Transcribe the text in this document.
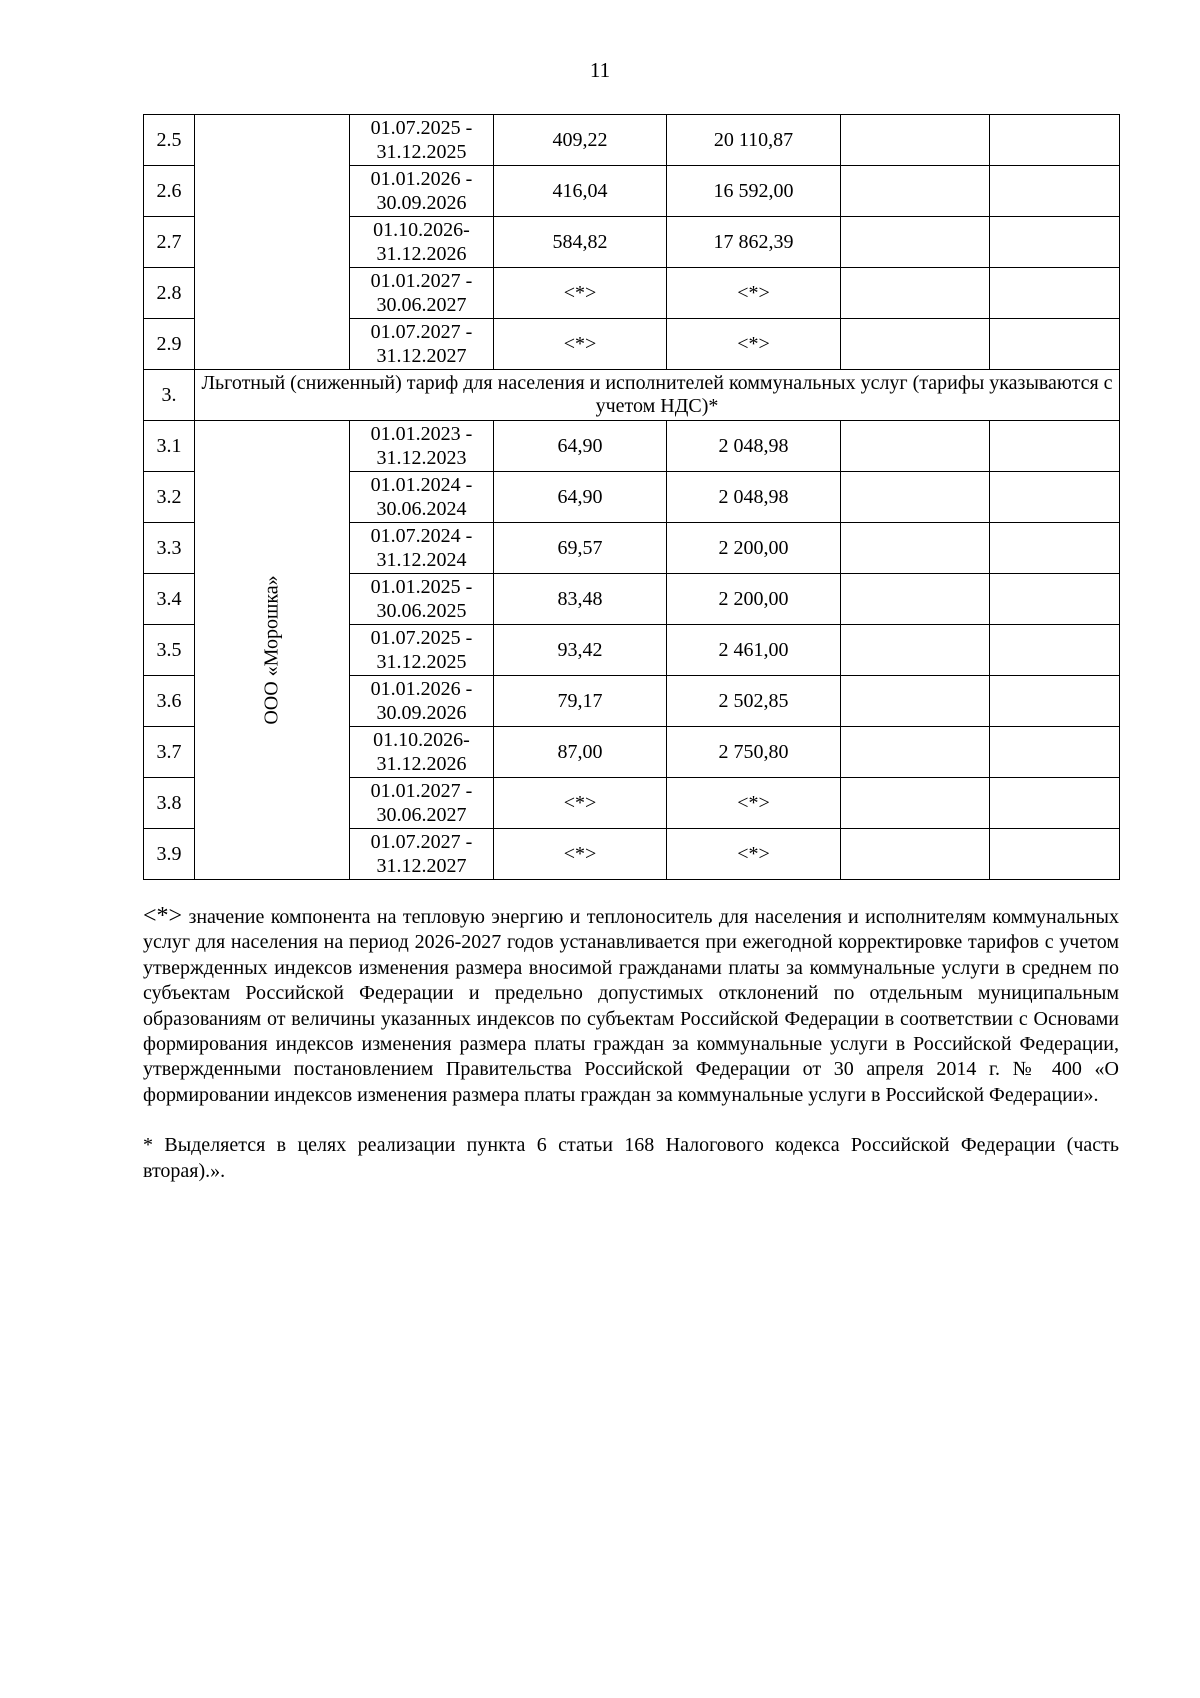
11
2.5		01.07.2025 -
31.12.2025	409,22	20 110,87		
2.6		01.01.2026 -
30.09.2026	416,04	16 592,00		
2.7		01.10.2026-
31.12.2026	584,82	17 862,39		
2.8		01.01.2027 -
30.06.2027	<*>	<*>		
2.9		01.07.2027 -
31.12.2027	<*>	<*>		
3.	Льготный (сниженный) тариф для населения и исполнителей коммунальных услуг (тарифы указываются с учетом НДС)*					
3.1	ООО «Морошка»	01.01.2023 -
31.12.2023	64,90	2 048,98		
3.2		01.01.2024 -
30.06.2024	64,90	2 048,98		
3.3		01.07.2024 -
31.12.2024	69,57	2 200,00		
3.4		01.01.2025 -
30.06.2025	83,48	2 200,00		
3.5		01.07.2025 -
31.12.2025	93,42	2 461,00		
3.6		01.01.2026 -
30.09.2026	79,17	2 502,85		
3.7		01.10.2026-
31.12.2026	87,00	2 750,80		
3.8		01.01.2027 -
30.06.2027	<*>	<*>		
3.9		01.07.2027 -
31.12.2027	<*>	<*>		

<*> значение компонента на тепловую энергию и теплоноситель для населения и исполнителям коммунальных услуг для населения на период 2026-2027 годов устанавливается при ежегодной корректировке тарифов с учетом утвержденных индексов изменения размера вносимой гражданами платы за коммунальные услуги в среднем по субъектам Российской Федерации и предельно допустимых отклонений по отдельным муниципальным образованиям от величины указанных индексов по субъектам Российской Федерации в соответствии с Основами формирования индексов изменения размера платы граждан за коммунальные услуги в Российской Федерации, утвержденными постановлением Правительства Российской Федерации от 30 апреля 2014 г. № 400 «О формировании индексов изменения размера платы граждан за коммунальные услуги в Российской Федерации».

* Выделяется в целях реализации пункта 6 статьи 168 Налогового кодекса Российской Федерации (часть вторая).».
